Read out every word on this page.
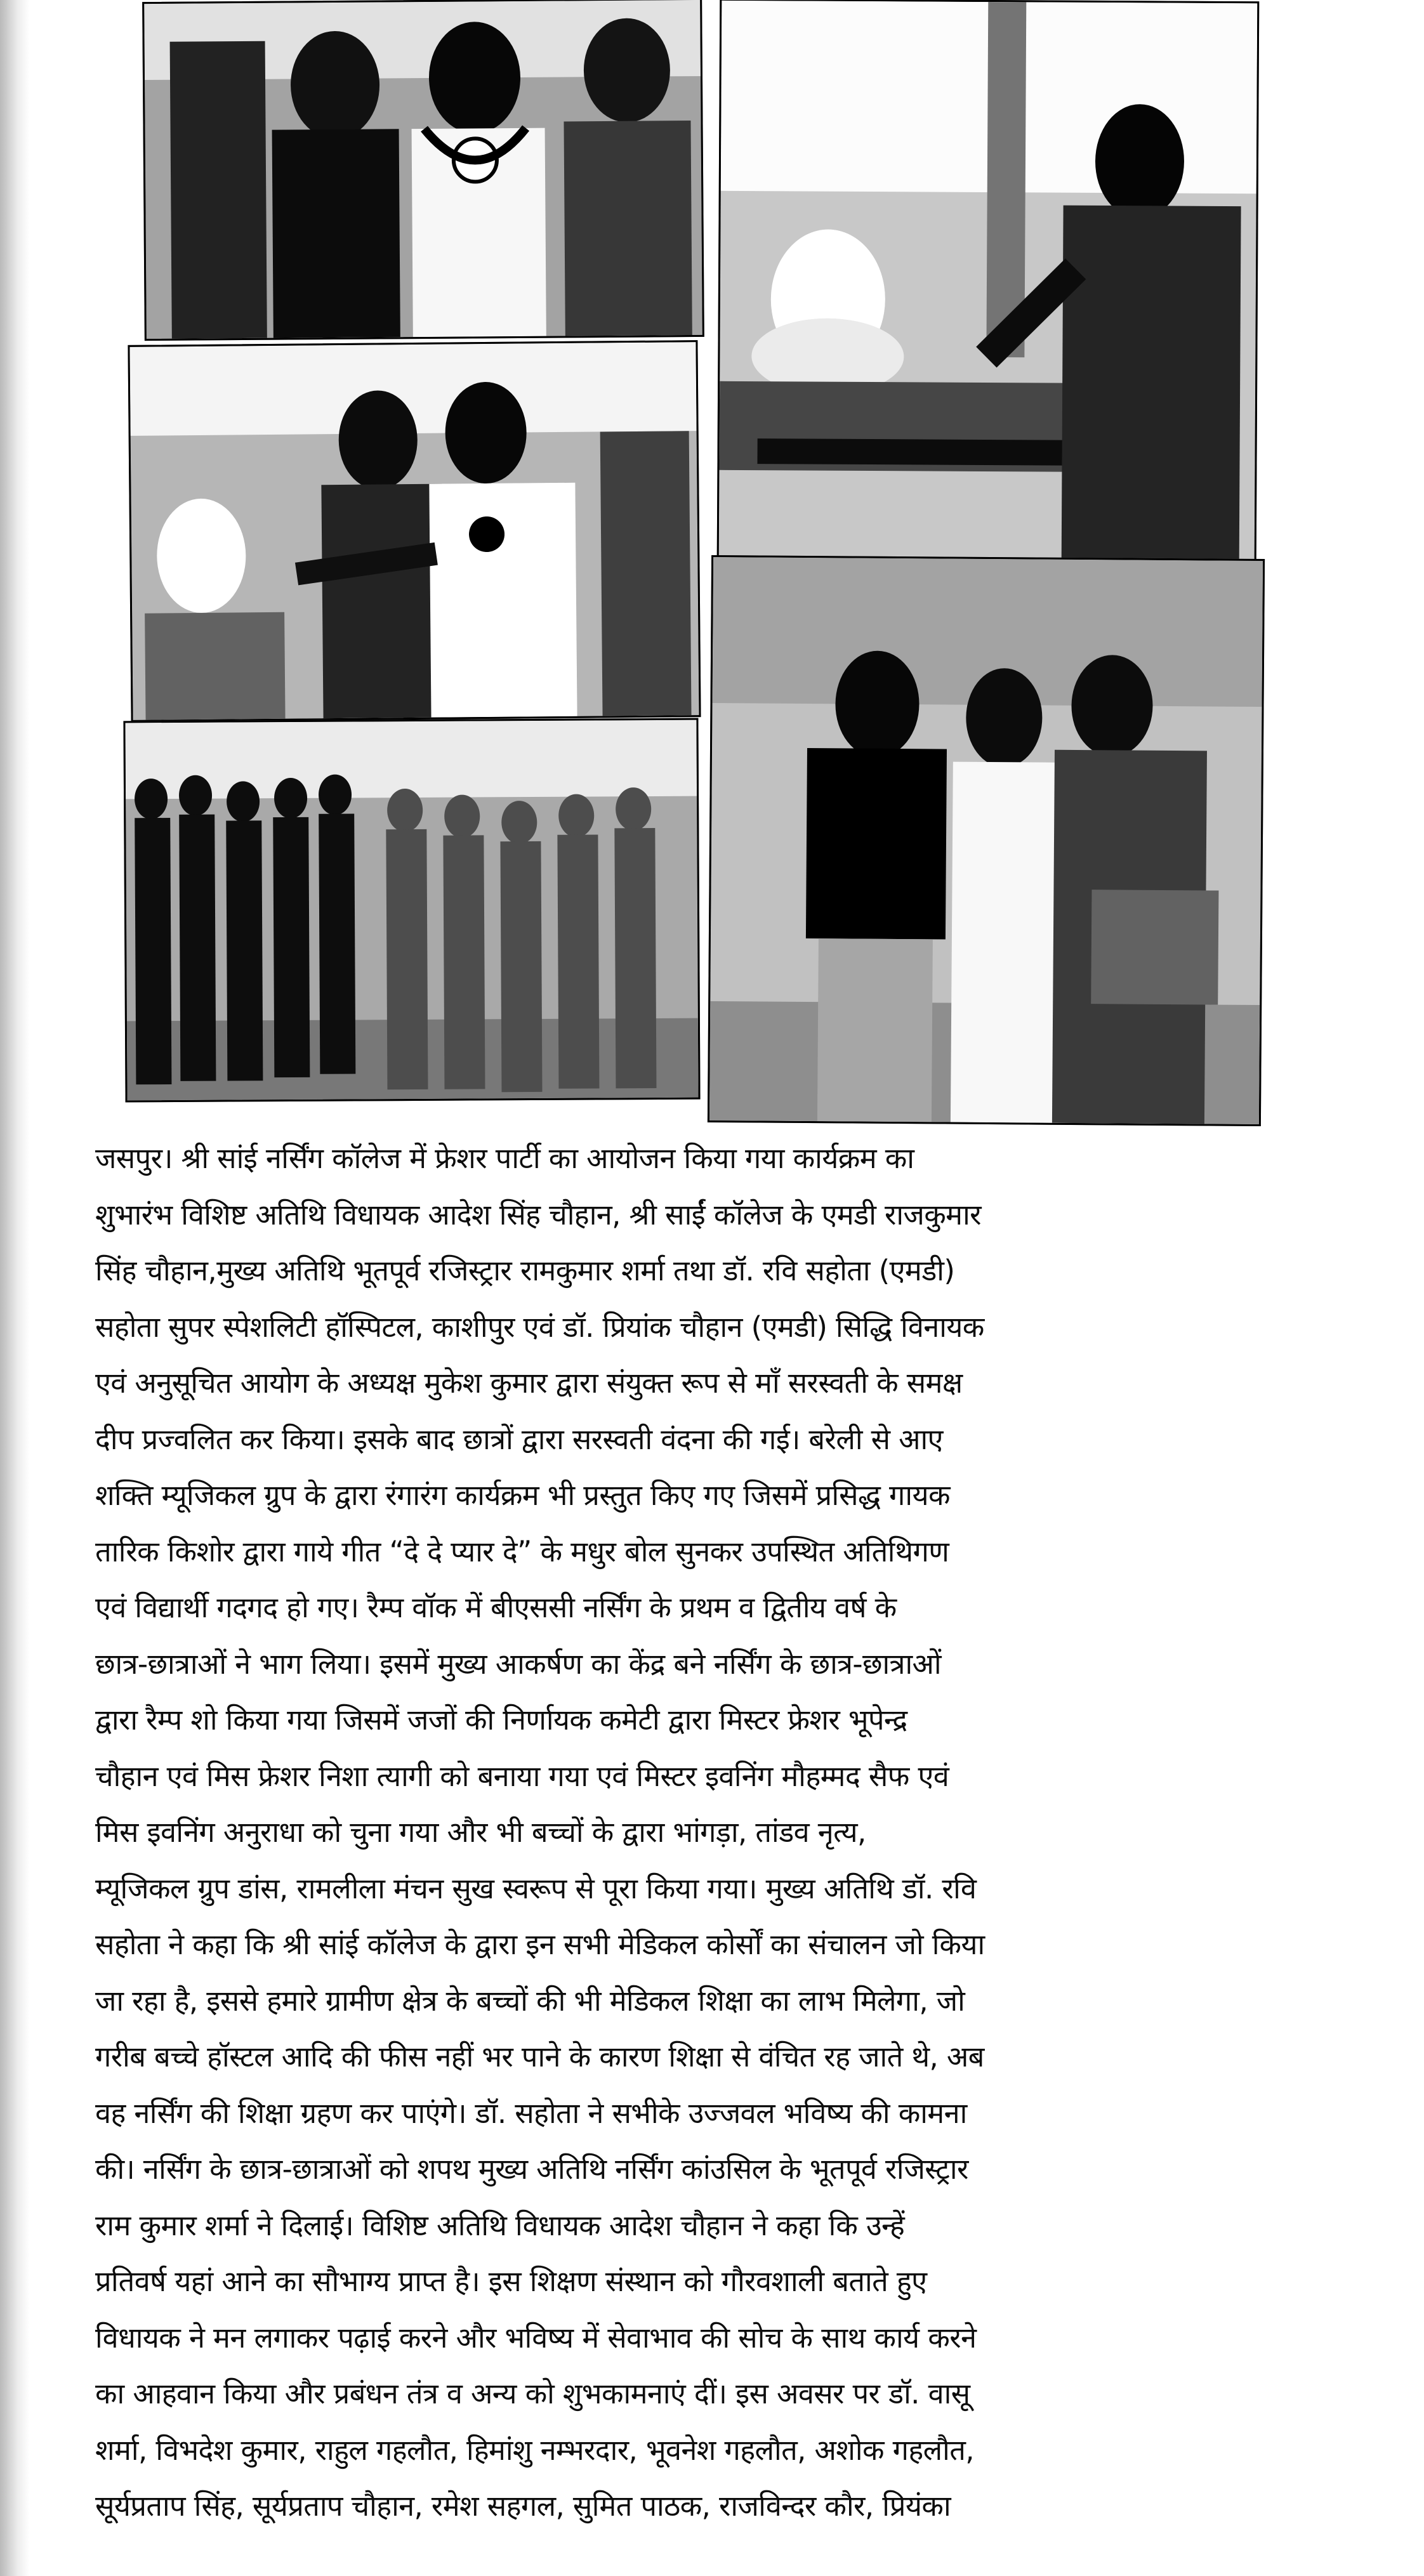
जसपुर। श्री सांई नर्सिंग कॉलेज में फ्रेशर पार्टी का आयोजन किया गया कार्यक्रम का
शुभारंभ विशिष्ट अतिथि विधायक आदेश सिंह चौहान, श्री साईं कॉलेज के एमडी राजकुमार
सिंह चौहान,मुख्य अतिथि भूतपूर्व रजिस्ट्रार रामकुमार शर्मा तथा डॉ. रवि सहोता (एमडी)
सहोता सुपर स्पेशलिटी हॉस्पिटल, काशीपुर एवं डॉ. प्रियांक चौहान (एमडी) सिद्धि विनायक
एवं अनुसूचित आयोग के अध्यक्ष मुकेश कुमार द्वारा संयुक्त रूप से माँ सरस्वती के समक्ष
दीप प्रज्वलित कर किया। इसके बाद छात्रों द्वारा सरस्वती वंदना की गई। बरेली से आए
शक्ति म्यूजिकल ग्रुप के द्वारा रंगारंग कार्यक्रम भी प्रस्तुत किए गए जिसमें प्रसिद्ध गायक
तारिक किशोर द्वारा गाये गीत “दे दे प्यार दे” के मधुर बोल सुनकर उपस्थित अतिथिगण
एवं विद्यार्थी गदगद हो गए। रैम्प वॉक में बीएससी नर्सिंग के प्रथम व द्वितीय वर्ष के
छात्र-छात्राओं ने भाग लिया। इसमें मुख्य आकर्षण का केंद्र बने नर्सिंग के छात्र-छात्राओं
द्वारा रैम्प शो किया गया जिसमें जजों की निर्णायक कमेटी द्वारा मिस्टर फ्रेशर भूपेन्द्र
चौहान एवं मिस फ्रेशर निशा त्यागी को बनाया गया एवं मिस्टर इवनिंग मौहम्मद सैफ एवं
मिस इवनिंग अनुराधा को चुना गया और भी बच्चों के द्वारा भांगड़ा, तांडव नृत्य,
म्यूजिकल ग्रुप डांस, रामलीला मंचन सुख स्वरूप से पूरा किया गया। मुख्य अतिथि डॉ. रवि
सहोता ने कहा कि श्री सांई कॉलेज के द्वारा इन सभी मेडिकल कोर्सों का संचालन जो किया
जा रहा है, इससे हमारे ग्रामीण क्षेत्र के बच्चों की भी मेडिकल शिक्षा का लाभ मिलेगा, जो
गरीब बच्चे हॉस्टल आदि की फीस नहीं भर पाने के कारण शिक्षा से वंचित रह जाते थे, अब
वह नर्सिंग की शिक्षा ग्रहण कर पाएंगे। डॉ. सहोता ने सभीके उज्जवल भविष्य की कामना
की। नर्सिंग के छात्र-छात्राओं को शपथ मुख्य अतिथि नर्सिंग कांउसिल के भूतपूर्व रजिस्ट्रार
राम कुमार शर्मा ने दिलाई। विशिष्ट अतिथि विधायक आदेश चौहान ने कहा कि उन्हें
प्रतिवर्ष यहां आने का सौभाग्य प्राप्त है। इस शिक्षण संस्थान को गौरवशाली बताते हुए
विधायक ने मन लगाकर पढ़ाई करने और भविष्य में सेवाभाव की सोच के साथ कार्य करने
का आहवान किया और प्रबंधन तंत्र व अन्य को शुभकामनाएं दीं। इस अवसर पर डॉ. वासू
शर्मा, विभदेश कुमार, राहुल गहलौत, हिमांशु नम्भरदार, भूवनेश गहलौत, अशोक गहलौत,
सूर्यप्रताप सिंह, सूर्यप्रताप चौहान, रमेश सहगल, सुमित पाठक, राजविन्दर कौर, प्रियंका
